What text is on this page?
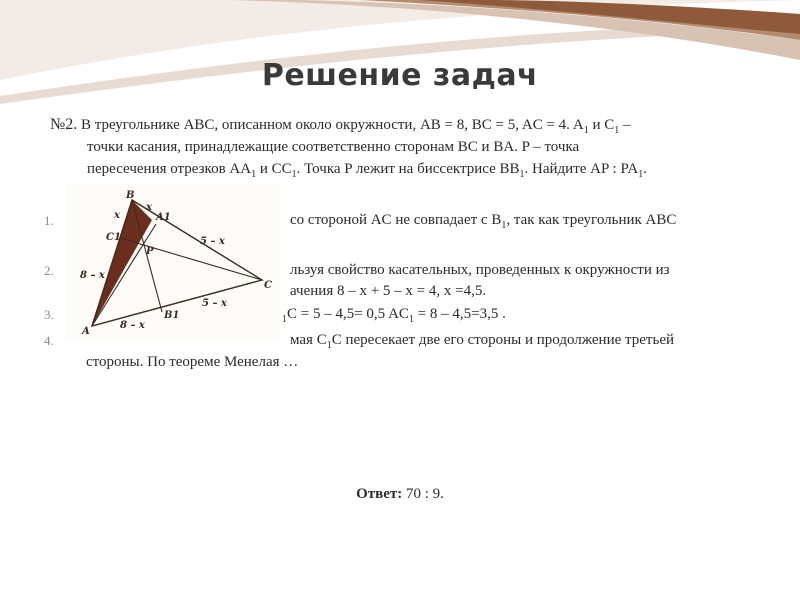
Решение задач
№2. В треугольнике ABC, описанном около окружности, AB = 8, BC = 5, AC = 4. $A_1$ и $C_1$ –
точки касания, принадлежащие соответственно сторонам BC и BA. P – точка
пересечения отрезков $AA_1$ и $CC_1$. Точка P лежит на биссектрисе $BB_1$. Найдите AP : $PA_1$.
1.	со стороной AC не совпадает с $B_1$, так как треугольник ABC
2.	льзуя свойство касательных, проведенных к окружности из
ачения 8 – x + 5 – x = 4, x =4,5.
3.	$_1$C = 5 – 4,5= 0,5 $AC_1 = 8 - 4,5=3,5$ .
4.	мая $C_1C$ пересекает две его стороны и продолжение третьей
стороны. По теореме Менелая …
B
A
C
A1
C1
B1
P
x
x
5 – x
5 – x
8 – x
8 – x
Ответ: 70 : 9.
